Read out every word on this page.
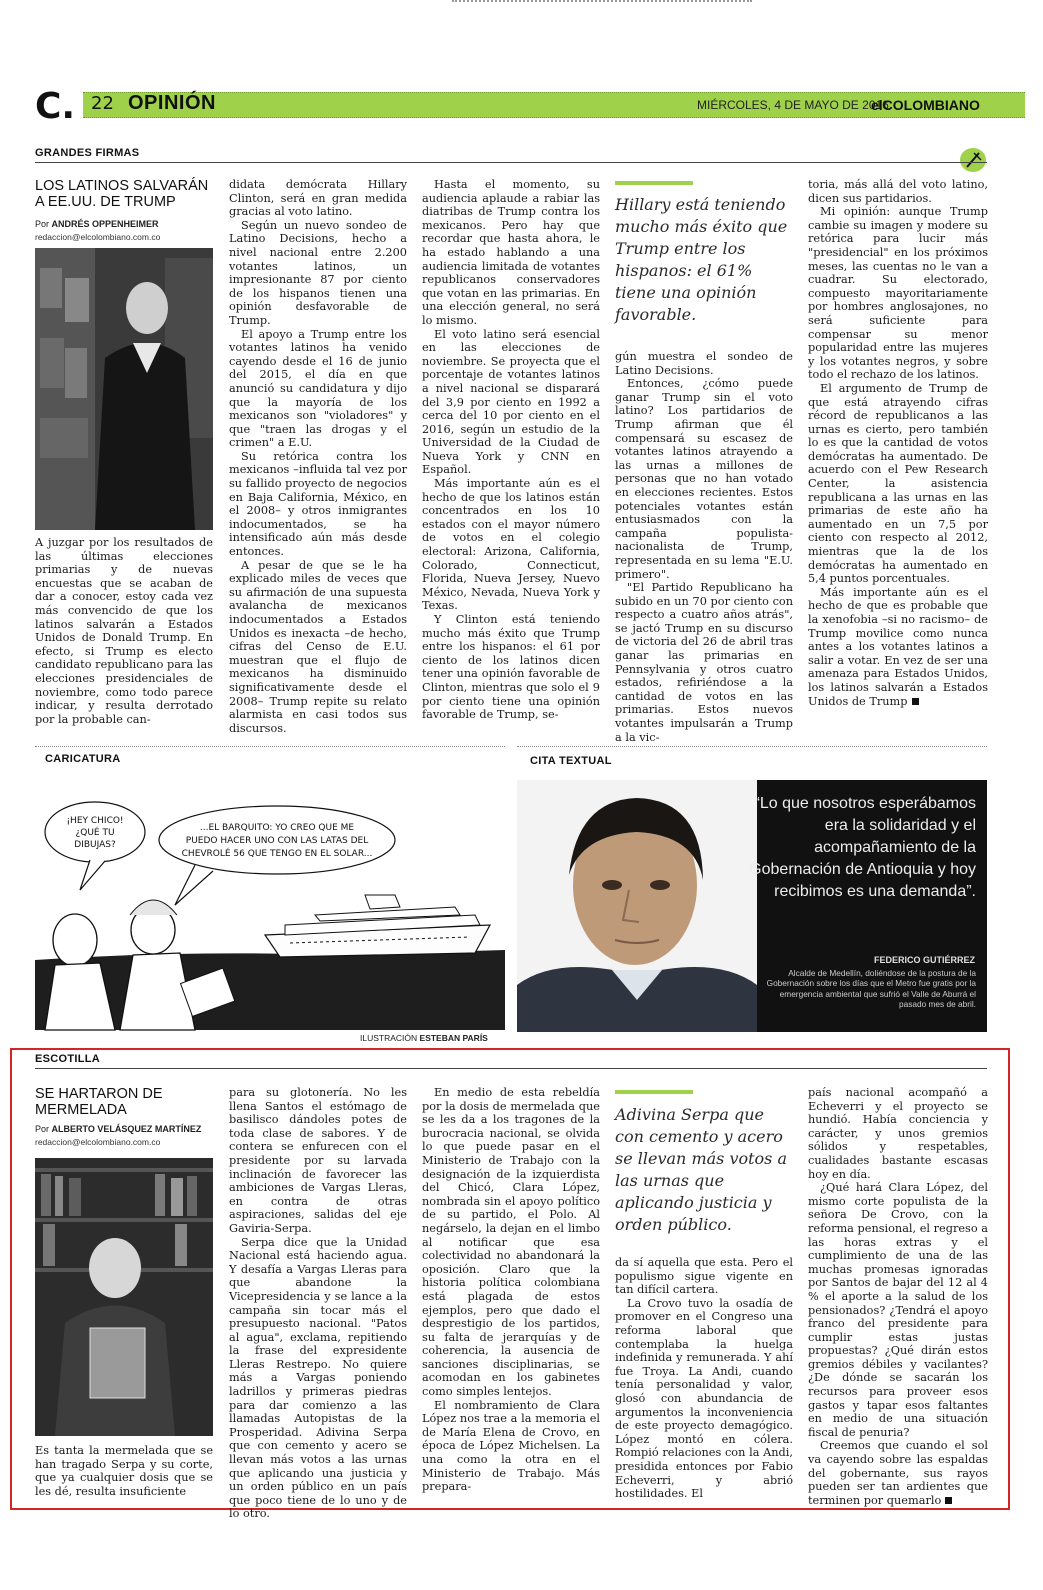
C. 22 OPINIÓN	MIÉRCOLES, 4 DE MAYO DE 2016
elCOLOMBIANO
GRANDES FIRMAS
LOS LATINOS SALVARÁN A EE.UU. DE TRUMP
Por ANDRÉS OPPENHEIMER
redaccion@elcolombiano.com.co

A juzgar por los resultados de las últimas elecciones primarias y de nuevas encuestas que se acaban de dar a conocer, estoy cada vez más convencido de que los latinos salvarán a Estados Unidos de Donald Trump. En efecto, si Trump es electo candidato republicano para las elecciones presidenciales de noviembre, como todo parece indicar, y resulta derrotado por la probable can-

didata demócrata Hillary Clinton, será en gran medida gracias al voto latino.

Según un nuevo sondeo de Latino Decisions, hecho a nivel nacional entre 2.200 votantes latinos, un impresionante 87 por ciento de los hispanos tienen una opinión desfavorable de Trump.

El apoyo a Trump entre los votantes latinos ha venido cayendo desde el 16 de junio del 2015, el día en que anunció su candidatura y dijo que la mayoría de los mexicanos son "violadores" y que "traen las drogas y el crimen" a E.U.

Su retórica contra los mexicanos –influida tal vez por su fallido proyecto de negocios en Baja California, México, en el 2008– y otros inmigrantes indocumentados, se ha intensificado aún más desde entonces.

A pesar de que se le ha explicado miles de veces que su afirmación de una supuesta avalancha de mexicanos indocumentados a Estados Unidos es inexacta –de hecho, cifras del Censo de E.U. muestran que el flujo de mexicanos ha disminuido significativamente desde el 2008– Trump repite su relato alarmista en casi todos sus discursos.

Hasta el momento, su audiencia aplaude a rabiar las diatribas de Trump contra los mexicanos. Pero hay que recordar que hasta ahora, le ha estado hablando a una audiencia limitada de votantes republicanos conservadores que votan en las primarias. En una elección general, no será lo mismo.

El voto latino será esencial en las elecciones de noviembre. Se proyecta que el porcentaje de votantes latinos a nivel nacional se disparará del 3,9 por ciento en 1992 a cerca del 10 por ciento en el 2016, según un estudio de la Universidad de la Ciudad de Nueva York y CNN en Español.

Más importante aún es el hecho de que los latinos están concentrados en los 10 estados con el mayor número de votos en el colegio electoral: Arizona, California, Colorado, Connecticut, Florida, Nueva Jersey, Nuevo México, Nevada, Nueva York y Texas.

Y Clinton está teniendo mucho más éxito que Trump entre los hispanos: el 61 por ciento de los latinos dicen tener una opinión favorable de Clinton, mientras que solo el 9 por ciento tiene una opinión favorable de Trump, se-

Hillary está teniendo mucho más éxito que Trump entre los hispanos: el 61% tiene una opinión favorable.

gún muestra el sondeo de Latino Decisions.

Entonces, ¿cómo puede ganar Trump sin el voto latino? Los partidarios de Trump afirman que él compensará su escasez de votantes latinos atrayendo a las urnas a millones de personas que no han votado en elecciones recientes. Estos potenciales votantes están entusiasmados con la campaña populista-nacionalista de Trump, representada en su lema "E.U. primero".

"El Partido Republicano ha subido en un 70 por ciento con respecto a cuatro años atrás", se jactó Trump en su discurso de victoria del 26 de abril tras ganar las primarias en Pennsylvania y otros cuatro estados, refiriéndose a la cantidad de votos en las primarias. Estos nuevos votantes impulsarán a Trump a la vic-

toria, más allá del voto latino, dicen sus partidarios.

Mi opinión: aunque Trump cambie su imagen y modere su retórica para lucir más "presidencial" en los próximos meses, las cuentas no le van a cuadrar. Su electorado, compuesto mayoritariamente por hombres anglosajones, no será suficiente para compensar su menor popularidad entre las mujeres y los votantes negros, y sobre todo el rechazo de los latinos.

El argumento de Trump de que está atrayendo cifras récord de republicanos a las urnas es cierto, pero también lo es que la cantidad de votos demócratas ha aumentado. De acuerdo con el Pew Research Center, la asistencia republicana a las urnas en las primarias de este año ha aumentado en un 7,5 por ciento con respecto al 2012, mientras que la de los demócratas ha aumentado en 5,4 puntos porcentuales.

Más importante aún es el hecho de que es probable que la xenofobia –si no racismo– de Trump movilice como nunca antes a los votantes latinos a salir a votar. En vez de ser una amenaza para Estados Unidos, los latinos salvarán a Estados Unidos de Trump

CARICATURA
¡HEY CHICO!
¿QUÉ TU
DIBUJAS?
...EL BARQUITO: YO CREO QUE ME
PUEDO HACER UNO CON LAS LATAS DEL
CHEVROLÉ 56 QUE TENGO EN EL SOLAR...
ILUSTRACIÓN ESTEBAN PARÍS
CITA TEXTUAL
“Lo que nosotros esperábamos era la solidaridad y el acompañamiento de la Gobernación de Antioquia y hoy recibimos es una demanda”.
FEDERICO GUTIÉRREZ
Alcalde de Medellín, doliéndose de la postura de la Gobernación sobre los días que el Metro fue gratis por la emergencia ambiental que sufrió el Valle de Aburrá el pasado mes de abril.
ESCOTILLA
SE HARTARON DE MERMELADA
Por ALBERTO VELÁSQUEZ MARTÍNEZ
redaccion@elcolombiano.com.co

Es tanta la mermelada que se han tragado Serpa y su corte, que ya cualquier dosis que se les dé, resulta insuficiente

para su glotonería. No les llena Santos el estómago de basilisco dándoles potes de toda clase de sabores. Y de contera se enfurecen con el presidente por su larvada inclinación de favorecer las ambiciones de Vargas Lleras, en contra de otras aspiraciones, salidas del eje Gaviria-Serpa.

Serpa dice que la Unidad Nacional está haciendo agua. Y desafía a Vargas Lleras para que abandone la Vicepresidencia y se lance a la campaña sin tocar más el presupuesto nacional. "Patos al agua", exclama, repitiendo la frase del expresidente Lleras Restrepo. No quiere más a Vargas poniendo ladrillos y primeras piedras para dar comienzo a las llamadas Autopistas de la Prosperidad. Adivina Serpa que con cemento y acero se llevan más votos a las urnas que aplicando una justicia y un orden público en un país que poco tiene de lo uno y de lo otro.

En medio de esta rebeldía por la dosis de mermelada que se les da a los tragones de la burocracia nacional, se olvida lo que puede pasar en el Ministerio de Trabajo con la designación de la izquierdista del Chicó, Clara López, nombrada sin el apoyo político de su partido, el Polo. Al negárselo, la dejan en el limbo al notificar que esa colectividad no abandonará la oposición. Claro que la historia política colombiana está plagada de estos ejemplos, pero que dado el desprestigio de los partidos, su falta de jerarquías y de coherencia, la ausencia de sanciones disciplinarias, se acomodan en los gabinetes como simples lentejos.

El nombramiento de Clara López nos trae a la memoria el de María Elena de Crovo, en época de López Michelsen. La una como la otra en el Ministerio de Trabajo. Más prepara-

Adivina Serpa que con cemento y acero se llevan más votos a las urnas que aplicando justicia y orden público.

da sí aquella que esta. Pero el populismo sigue vigente en tan difícil cartera.

La Crovo tuvo la osadía de promover en el Congreso una reforma laboral que contemplaba la huelga indefinida y remunerada. Y ahí fue Troya. La Andi, cuando tenía personalidad y valor, glosó con abundancia de argumentos la inconveniencia de este proyecto demagógico. López montó en cólera. Rompió relaciones con la Andi, presidida entonces por Fabio Echeverri, y abrió hostilidades. El

país nacional acompañó a Echeverri y el proyecto se hundió. Había conciencia y carácter, y unos gremios sólidos y respetables, cualidades bastante escasas hoy en día.

¿Qué hará Clara López, del mismo corte populista de la señora De Crovo, con la reforma pensional, el regreso a las horas extras y el cumplimiento de una de las muchas promesas ignoradas por Santos de bajar del 12 al 4 % el aporte a la salud de los pensionados? ¿Tendrá el apoyo franco del presidente para cumplir estas justas propuestas? ¿Qué dirán estos gremios débiles y vacilantes? ¿De dónde se sacarán los recursos para proveer esos gastos y tapar esos faltantes en medio de una situación fiscal de penuria?

Creemos que cuando el sol va cayendo sobre las espaldas del gobernante, sus rayos pueden ser tan ardientes que terminen por quemarlo
